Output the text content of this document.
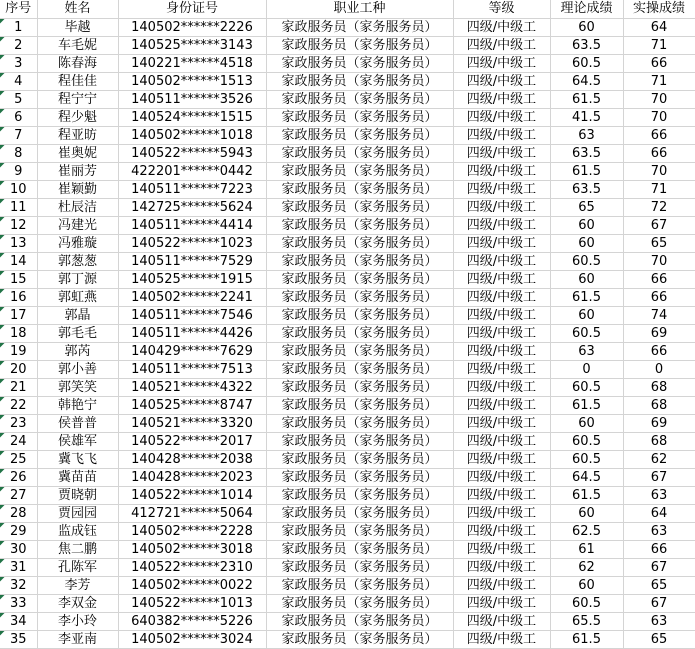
序号	姓名	身份证号	职业工种	等级	理论成绩	实操成绩

1	毕越	140502******2226	家政服务员（家务服务员）	四级/中级工	60	64

2	车毛妮	140525******3143	家政服务员（家务服务员）	四级/中级工	63.5	71

3	陈春海	140221******4518	家政服务员（家务服务员）	四级/中级工	60.5	66

4	程佳佳	140502******1513	家政服务员（家务服务员）	四级/中级工	64.5	71

5	程宁宁	140511******3526	家政服务员（家务服务员）	四级/中级工	61.5	70

6	程少魁	140524******1515	家政服务员（家务服务员）	四级/中级工	41.5	70

7	程亚昉	140502******1018	家政服务员（家务服务员）	四级/中级工	63	66

8	崔奥妮	140522******5943	家政服务员（家务服务员）	四级/中级工	63.5	66

9	崔丽芳	422201******0442	家政服务员（家务服务员）	四级/中级工	61.5	70

10	崔颖勤	140511******7223	家政服务员（家务服务员）	四级/中级工	63.5	71

11	杜辰洁	142725******5624	家政服务员（家务服务员）	四级/中级工	65	72

12	冯建光	140511******4414	家政服务员（家务服务员）	四级/中级工	60	67

13	冯雅璇	140522******1023	家政服务员（家务服务员）	四级/中级工	60	65

14	郭葱葱	140511******7529	家政服务员（家务服务员）	四级/中级工	60.5	70

15	郭丁源	140525******1915	家政服务员（家务服务员）	四级/中级工	60	66

16	郭虹燕	140502******2241	家政服务员（家务服务员）	四级/中级工	61.5	66

17	郭晶	140511******7546	家政服务员（家务服务员）	四级/中级工	60	74

18	郭毛毛	140511******4426	家政服务员（家务服务员）	四级/中级工	60.5	69

19	郭芮	140429******7629	家政服务员（家务服务员）	四级/中级工	63	66

20	郭小善	140511******7513	家政服务员（家务服务员）	四级/中级工	0	0

21	郭笑笑	140521******4322	家政服务员（家务服务员）	四级/中级工	60.5	68

22	韩艳宁	140525******8747	家政服务员（家务服务员）	四级/中级工	61.5	68

23	侯普普	140521******3320	家政服务员（家务服务员）	四级/中级工	60	69

24	侯雄军	140522******2017	家政服务员（家务服务员）	四级/中级工	60.5	68

25	冀飞飞	140428******2038	家政服务员（家务服务员）	四级/中级工	60.5	62

26	冀苗苗	140428******2023	家政服务员（家务服务员）	四级/中级工	64.5	67

27	贾晓朝	140522******1014	家政服务员（家务服务员）	四级/中级工	61.5	63

28	贾园园	412721******5064	家政服务员（家务服务员）	四级/中级工	60	64

29	监成钰	140502******2228	家政服务员（家务服务员）	四级/中级工	62.5	63

30	焦二鹏	140502******3018	家政服务员（家务服务员）	四级/中级工	61	66

31	孔陈军	140522******2310	家政服务员（家务服务员）	四级/中级工	62	67

32	李芳	140502******0022	家政服务员（家务服务员）	四级/中级工	60	65

33	李双金	140522******1013	家政服务员（家务服务员）	四级/中级工	60.5	67

34	李小玲	640382******5226	家政服务员（家务服务员）	四级/中级工	65.5	63

35	李亚南	140502******3024	家政服务员（家务服务员）	四级/中级工	61.5	65
